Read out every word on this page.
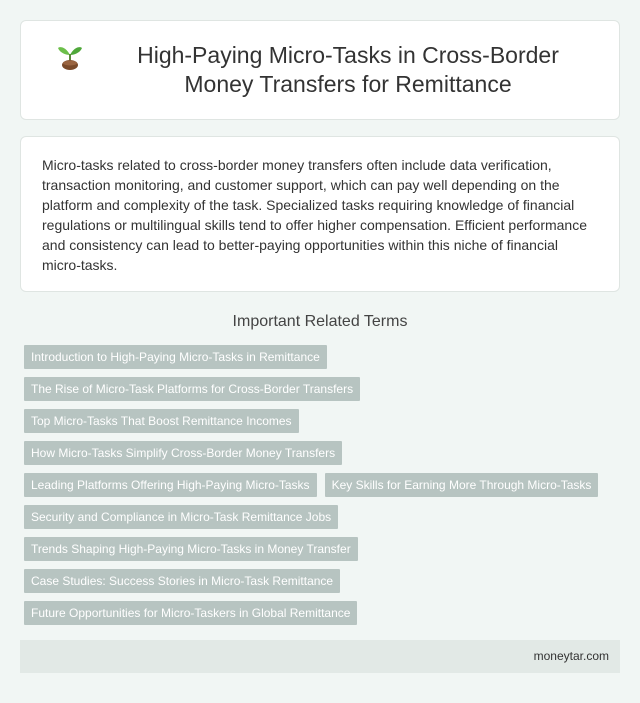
High-Paying Micro-Tasks in Cross-Border Money Transfers for Remittance

Micro-tasks related to cross-border money transfers often include data verification, transaction monitoring, and customer support, which can pay well depending on the platform and complexity of the task. Specialized tasks requiring knowledge of financial regulations or multilingual skills tend to offer higher compensation. Efficient performance and consistency can lead to better-paying opportunities within this niche of financial micro-tasks.

Important Related Terms
Introduction to High-Paying Micro-Tasks in Remittance
The Rise of Micro-Task Platforms for Cross-Border Transfers
Top Micro-Tasks That Boost Remittance Incomes
How Micro-Tasks Simplify Cross-Border Money Transfers
Leading Platforms Offering High-Paying Micro-Tasks	Key Skills for Earning More Through Micro-Tasks
Security and Compliance in Micro-Task Remittance Jobs
Trends Shaping High-Paying Micro-Tasks in Money Transfer
Case Studies: Success Stories in Micro-Task Remittance
Future Opportunities for Micro-Taskers in Global Remittance
moneytar.com
